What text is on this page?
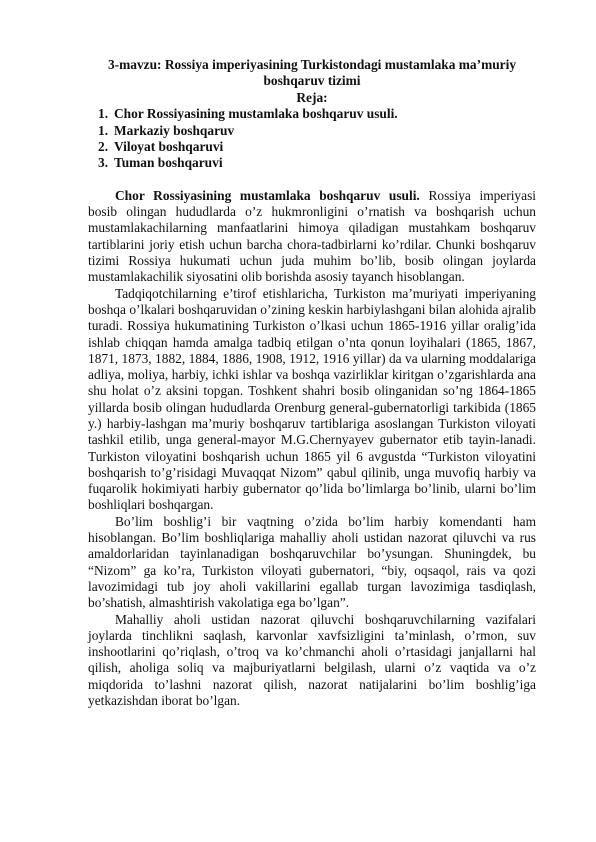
3-mavzu: Rossiya imperiyasining Turkistondagi mustamlaka ma’muriy boshqaruv tizimi

Reja:

1. Chor Rossiyasining mustamlaka boshqaruv usuli.
1. Markaziy boshqaruv
2. Viloyat boshqaruvi
3. Tuman boshqaruvi

Chor Rossiyasining mustamlaka boshqaruv usuli. Rossiya imperiyasi bosib olingan hududlarda o’z hukmronligini o’rnatish va boshqarish uchun mustamlakachilarning manfaatlarini himoya qiladigan mustahkam boshqaruv tartiblarini joriy etish uchun barcha chora-tadbirlarni ko’rdilar. Chunki boshqaruv tizimi Rossiya hukumati uchun juda muhim bo’lib, bosib olingan joylarda mustamlakachilik siyosatini olib borishda asosiy tayanch hisoblangan.

Tadqiqotchilarning e’tirof etishlaricha, Turkiston ma’muriyati imperiyaning boshqa o’lkalari boshqaruvidan o’zining keskin harbiylashgani bilan alohida ajralib turadi. Rossiya hukumatining Turkiston o’lkasi uchun 1865-1916 yillar oralig’ida ishlab chiqqan hamda amalga tadbiq etilgan o’nta qonun loyihalari (1865, 1867, 1871, 1873, 1882, 1884, 1886, 1908, 1912, 1916 yillar) da va ularning moddalariga adliya, moliya, harbiy, ichki ishlar va boshqa vazirliklar kiritgan o’zgarishlarda ana shu holat o’z aksini topgan. Toshkent shahri bosib olinganidan so’ng 1864-1865 yillarda bosib olingan hududlarda Orenburg general-gubernatorligi tarkibida (1865 y.) harbiy-lashgan ma’muriy boshqaruv tartiblariga asoslangan Turkiston viloyati tashkil etilib, unga general-mayor M.G.Chernyayev gubernator etib tayin-lanadi. Turkiston viloyatini boshqarish uchun 1865 yil 6 avgustda “Turkiston viloyatini boshqarish to’g’risidagi Muvaqqat Nizom” qabul qilinib, unga muvofiq harbiy va fuqarolik hokimiyati harbiy gubernator qo’lida bo’limlarga bo’linib, ularni bo’lim boshliqlari boshqargan.

Bo’lim boshlig’i bir vaqtning o’zida bo’lim harbiy komendanti ham hisoblangan. Bo’lim boshliqlariga mahalliy aholi ustidan nazorat qiluvchi va rus amaldorlaridan tayinlanadigan boshqaruvchilar bo’ysungan. Shuningdek, bu “Nizom” ga ko’ra, Turkiston viloyati gubernatori, “biy, oqsaqol, rais va qozi lavozimidagi tub joy aholi vakillarini egallab turgan lavozimiga tasdiqlash, bo’shatish, almashtirish vakolatiga ega bo’lgan”.

Mahalliy aholi ustidan nazorat qiluvchi boshqaruvchilarning vazifalari joylarda tinchlikni saqlash, karvonlar xavfsizligini ta’minlash, o’rmon, suv inshootlarini qo’riqlash, o’troq va ko’chmanchi aholi o’rtasidagi janjallarni hal qilish, aholiga soliq va majburiyatlarni belgilash, ularni o’z vaqtida va o’z miqdorida to’lashni nazorat qilish, nazorat natijalarini bo’lim boshlig’iga yetkazishdan iborat bo’lgan.
